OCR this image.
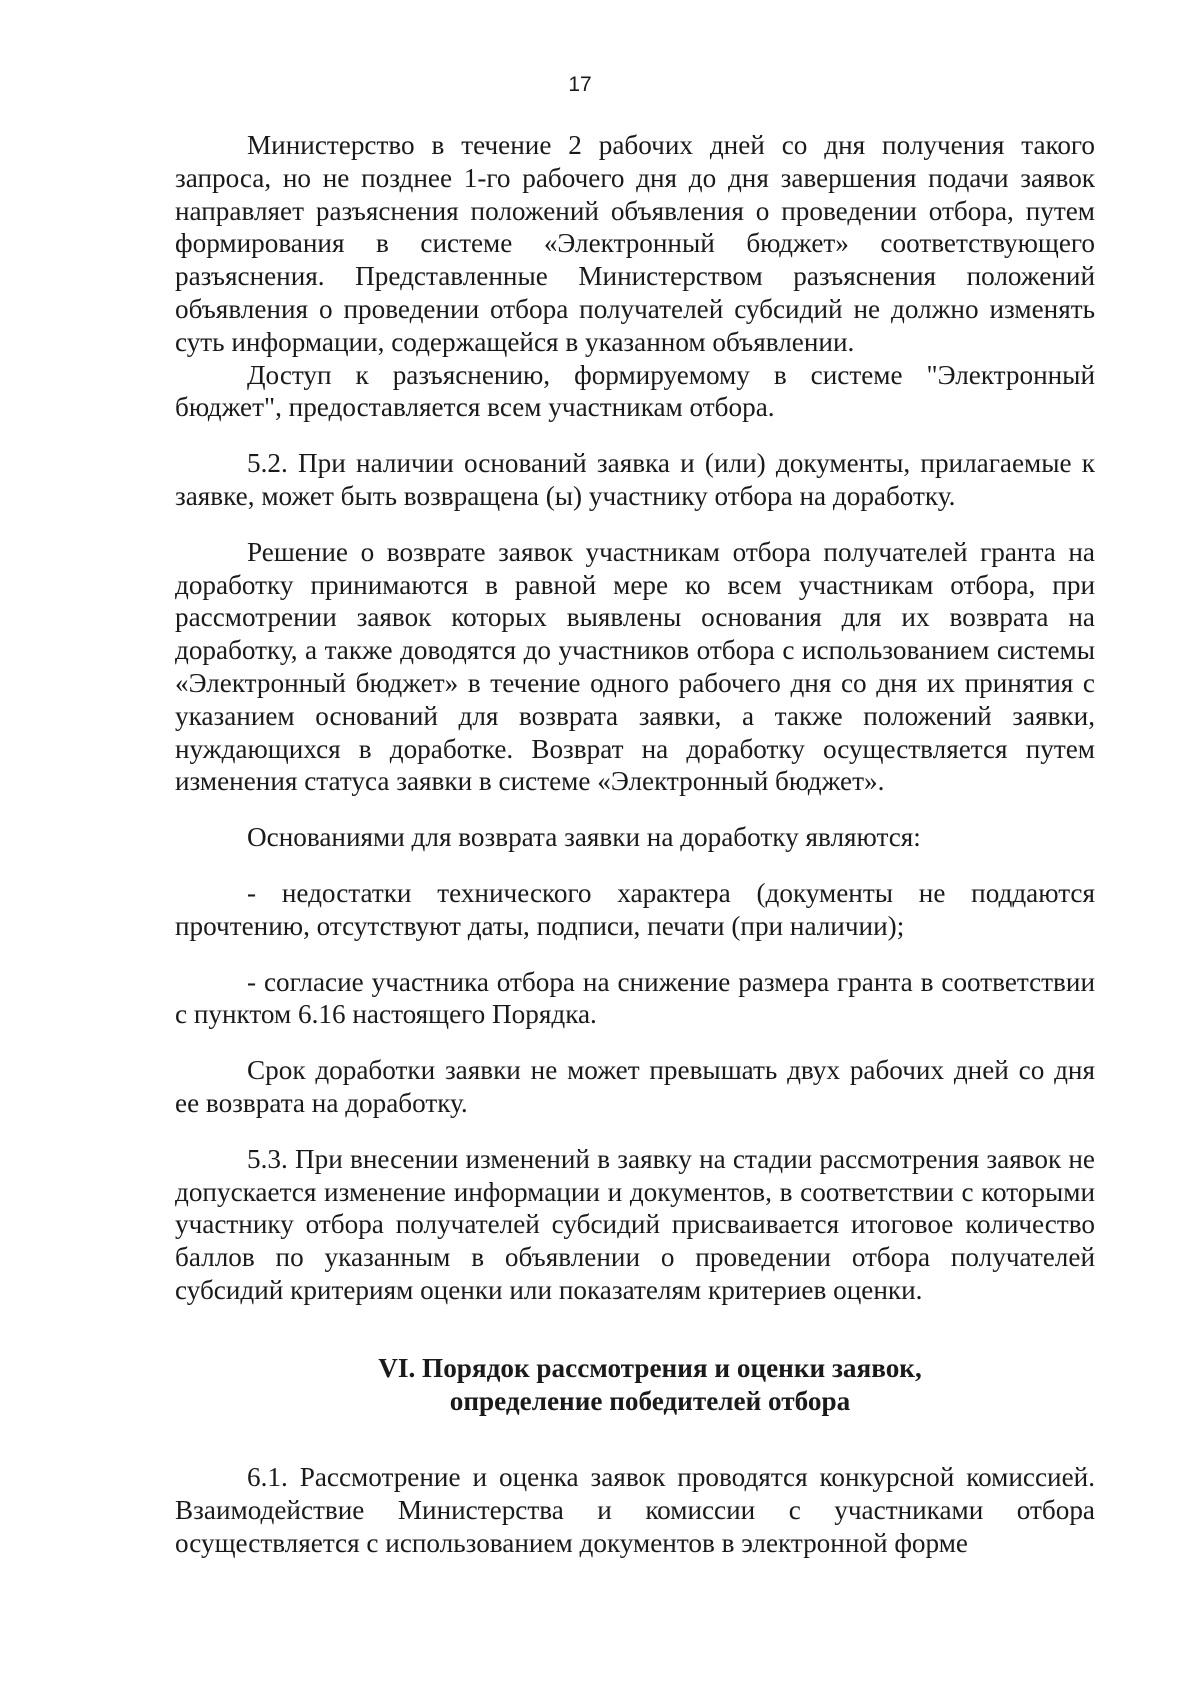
17

Министерство в течение 2 рабочих дней со дня получения такого запроса, но не позднее 1-го рабочего дня до дня завершения подачи заявок направляет разъяснения положений объявления о проведении отбора, путем формирования в системе «Электронный бюджет» соответствующего разъяснения. Представленные Министерством разъяснения положений объявления о проведении отбора получателей субсидий не должно изменять суть информации, содержащейся в указанном объявлении.

Доступ к разъяснению, формируемому в системе "Электронный бюджет", предоставляется всем участникам отбора.

5.2. При наличии оснований заявка и (или) документы, прилагаемые к заявке, может быть возвращена (ы) участнику отбора на доработку.

Решение о возврате заявок участникам отбора получателей гранта на доработку принимаются в равной мере ко всем участникам отбора, при рассмотрении заявок которых выявлены основания для их возврата на доработку, а также доводятся до участников отбора с использованием системы «Электронный бюджет» в течение одного рабочего дня со дня их принятия с указанием оснований для возврата заявки, а также положений заявки, нуждающихся в доработке. Возврат на доработку осуществляется путем изменения статуса заявки в системе «Электронный бюджет».

Основаниями для возврата заявки на доработку являются:

- недостатки технического характера (документы не поддаются прочтению, отсутствуют даты, подписи, печати (при наличии);

- согласие участника отбора на снижение размера гранта в соответствии с пунктом 6.16 настоящего Порядка.

Срок доработки заявки не может превышать двух рабочих дней со дня ее возврата на доработку.

5.3. При внесении изменений в заявку на стадии рассмотрения заявок не допускается изменение информации и документов, в соответствии с которыми участнику отбора получателей субсидий присваивается итоговое количество баллов по указанным в объявлении о проведении отбора получателей субсидий критериям оценки или показателям критериев оценки.

VI. Порядок рассмотрения и оценки заявок,
определение победителей отбора

6.1. Рассмотрение и оценка заявок проводятся конкурсной комиссией. Взаимодействие Министерства и комиссии с участниками отбора осуществляется с использованием документов в электронной форме
